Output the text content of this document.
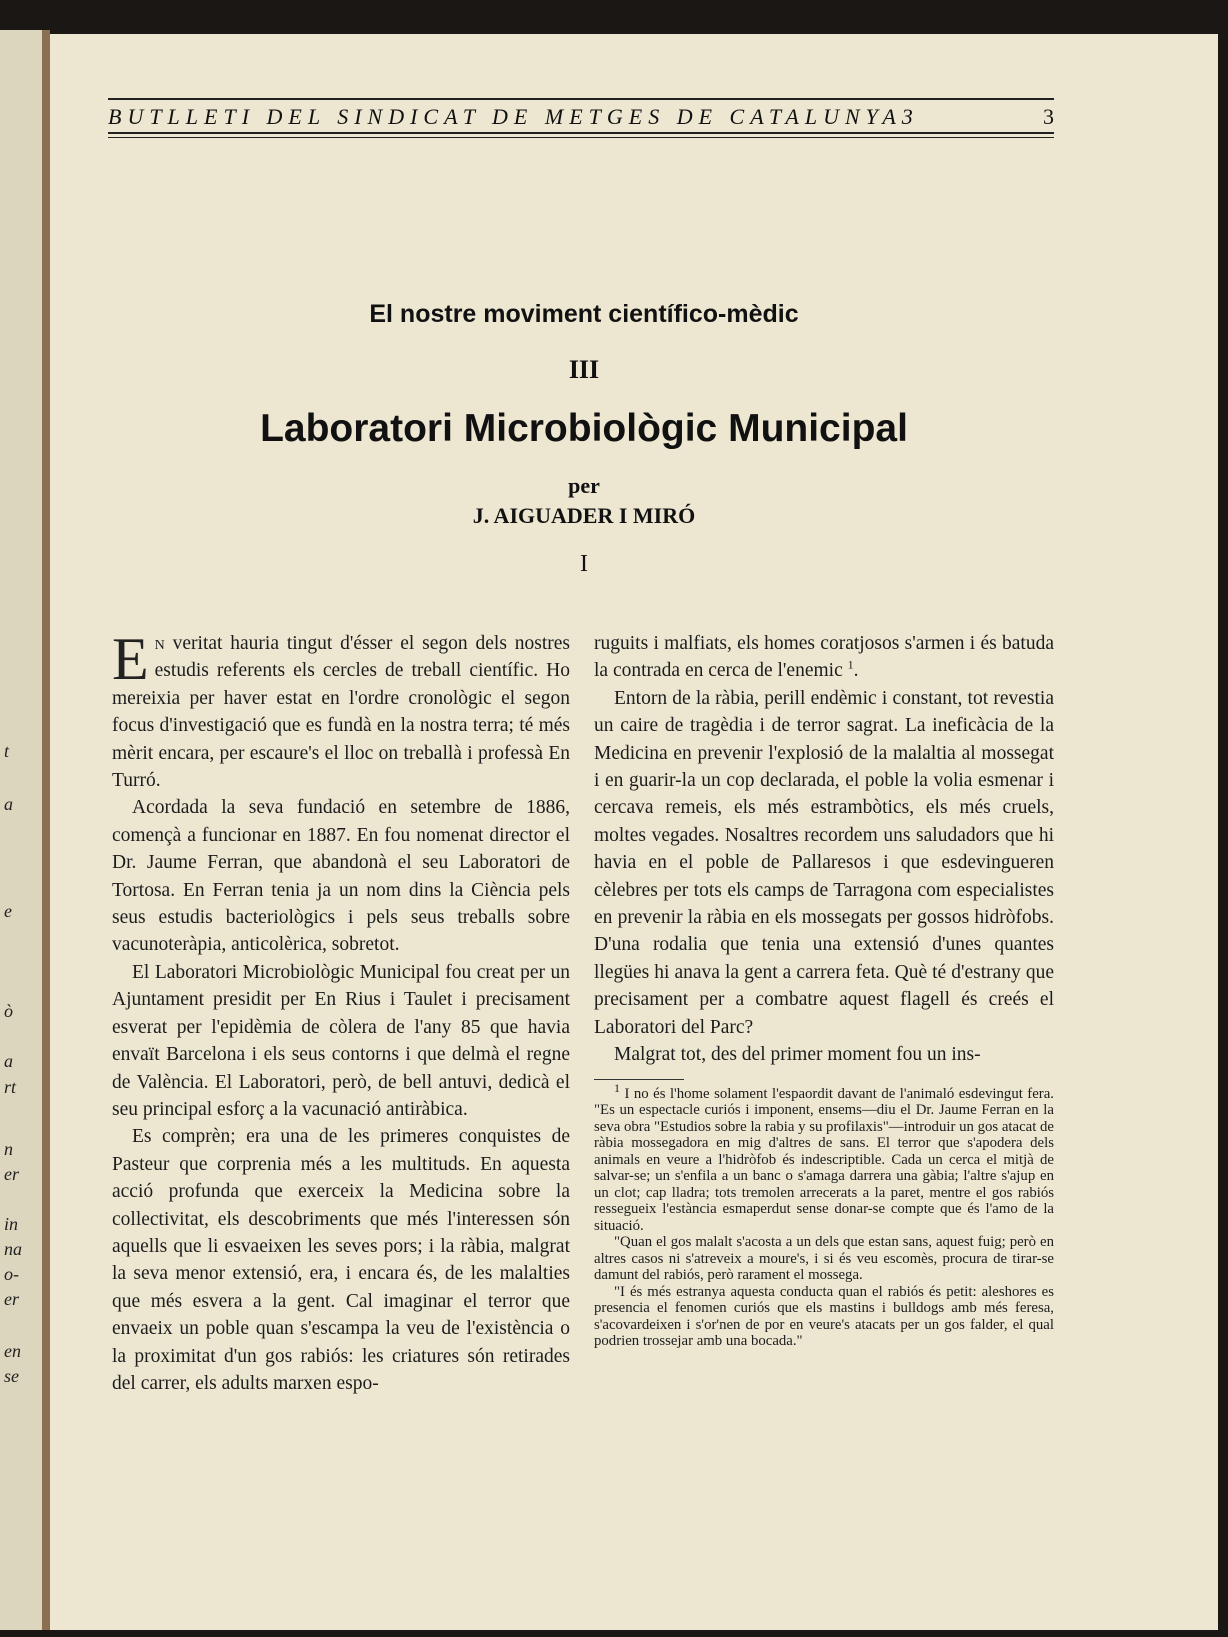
t
a
e
ò
a
rt
n
er
in
na
o-
er
en
se
BUTLLETI DEL SINDICAT DE METGES DE CATALUNYA3	3

El nostre moviment científico-mèdic

III

Laboratori Microbiològic Municipal

per

J. AIGUADER I MIRÓ

I

En veritat hauria tingut d'ésser el segon dels nostres estudis referents els cercles de treball científic. Ho mereixia per haver estat en l'ordre cronològic el segon focus d'investigació que es fundà en la nostra terra; té més mèrit encara, per escaure's el lloc on treballà i professà En Turró.

Acordada la seva fundació en setembre de 1886, començà a funcionar en 1887. En fou nomenat director el Dr. Jaume Ferran, que abandonà el seu Laboratori de Tortosa. En Ferran tenia ja un nom dins la Ciència pels seus estudis bacteriològics i pels seus treballs sobre vacunoteràpia, anticolèrica, sobretot.

El Laboratori Microbiològic Municipal fou creat per un Ajuntament presidit per En Rius i Taulet i precisament esverat per l'epidèmia de còlera de l'any 85 que havia envaït Barcelona i els seus contorns i que delmà el regne de València. El Laboratori, però, de bell antuvi, dedicà el seu principal esforç a la vacunació antiràbica.

Es comprèn; era una de les primeres conquistes de Pasteur que corprenia més a les multituds. En aquesta acció profunda que exerceix la Medicina sobre la collectivitat, els descobriments que més l'interessen són aquells que li esvaeixen les seves pors; i la ràbia, malgrat la seva menor extensió, era, i encara és, de les malalties que més esvera a la gent. Cal imaginar el terror que envaeix un poble quan s'escampa la veu de l'existència o la proximitat d'un gos rabiós: les criatures són retirades del carrer, els adults marxen espo-

ruguits i malfiats, els homes coratjosos s'armen i és batuda la contrada en cerca de l'enemic $^1$.

Entorn de la ràbia, perill endèmic i constant, tot revestia un caire de tragèdia i de terror sagrat. La ineficàcia de la Medicina en prevenir l'explosió de la malaltia al mossegat i en guarir-la un cop declarada, el poble la volia esmenar i cercava remeis, els més estrambòtics, els més cruels, moltes vegades. Nosaltres recordem uns saludadors que hi havia en el poble de Pallaresos i que esdevingueren cèlebres per tots els camps de Tarragona com especialistes en prevenir la ràbia en els mossegats per gossos hidròfobs. D'una rodalia que tenia una extensió d'unes quantes llegües hi anava la gent a carrera feta. Què té d'estrany que precisament per a combatre aquest flagell és creés el Laboratori del Parc?

Malgrat tot, des del primer moment fou un ins-

$^1$ I no és l'home solament l'espaordit davant de l'animaló esdevingut fera. "Es un espectacle curiós i imponent, ensems—diu el Dr. Jaume Ferran en la seva obra "Estudios sobre la rabia y su profilaxis"—introduir un gos atacat de ràbia mossegadora en mig d'altres de sans. El terror que s'apodera dels animals en veure a l'hidròfob és indescriptible. Cada un cerca el mitjà de salvar-se; un s'enfila a un banc o s'amaga darrera una gàbia; l'altre s'ajup en un clot; cap lladra; tots tremolen arrecerats a la paret, mentre el gos rabiós ressegueix l'estància esmaperdut sense donar-se compte que és l'amo de la situació.

"Quan el gos malalt s'acosta a un dels que estan sans, aquest fuig; però en altres casos ni s'atreveix a moure's, i si és veu escomès, procura de tirar-se damunt del rabiós, però rarament el mossega.

"I és més estranya aquesta conducta quan el rabiós és petit: aleshores es presencia el fenomen curiós que els mastins i bulldogs amb més feresa, s'acovardeixen i s'or'nen de por en veure's atacats per un gos falder, el qual podrien trossejar amb una bocada."
